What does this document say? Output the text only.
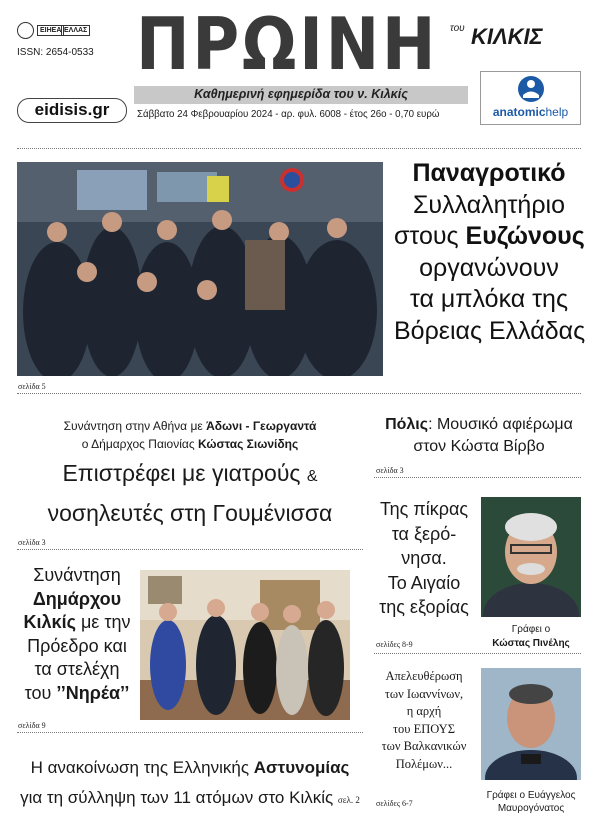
ΕΙΗΕΑ ΕΛΛΑΣ
ISSN: 2654-0533 ΠΡΩΙΝΗ του ΚΙΛΚΙΣ
Καθημερινή εφημερίδα του ν. Κιλκίς
eidisis.gr	Σάββατο 24 Φεβρουαρίου 2024 - αρ. φυλ. 6008 - έτος 26ο - 0,70 ευρώ	anatomichelp
σελίδα 5
Παναγροτικό
Συλλαλητήριο
στους Ευζώνους
οργανώνουν
τα μπλόκα της
Βόρειας Ελλάδας
Συνάντηση στην Αθήνα με Άδωνι - Γεωργαντά
ο Δήμαρχος Παιονίας Κώστας Σιωνίδης
Επιστρέφει με γιατρούς &
νοσηλευτές στη Γουμένισσα
σελίδα 3
Πόλις: Μουσικό αφιέρωμα
στον Κώστα Βίρβο
σελίδα 3
Συνάντηση
Δημάρχου
Κιλκίς με την
Πρόεδρο και
τα στελέχη
του ’’Νηρέα’’
σελίδα 9
Της πίκρας
τα ξερό-
νησα.
Το Αιγαίο
της εξορίας
σελίδες 8-9
Γράφει ο
Κώστας Πινέλης
Απελευθέρωση
των Ιωαννίνων,
η αρχή
του ΕΠΟΥΣ
των Βαλκανικών
Πολέμων...
σελίδες 6-7
Γράφει ο Ευάγγελος
Μαυρογόνατος
Η ανακοίνωση της Ελληνικής Αστυνομίας
για τη σύλληψη των 11 ατόμων στο Κιλκίς σελ. 2
